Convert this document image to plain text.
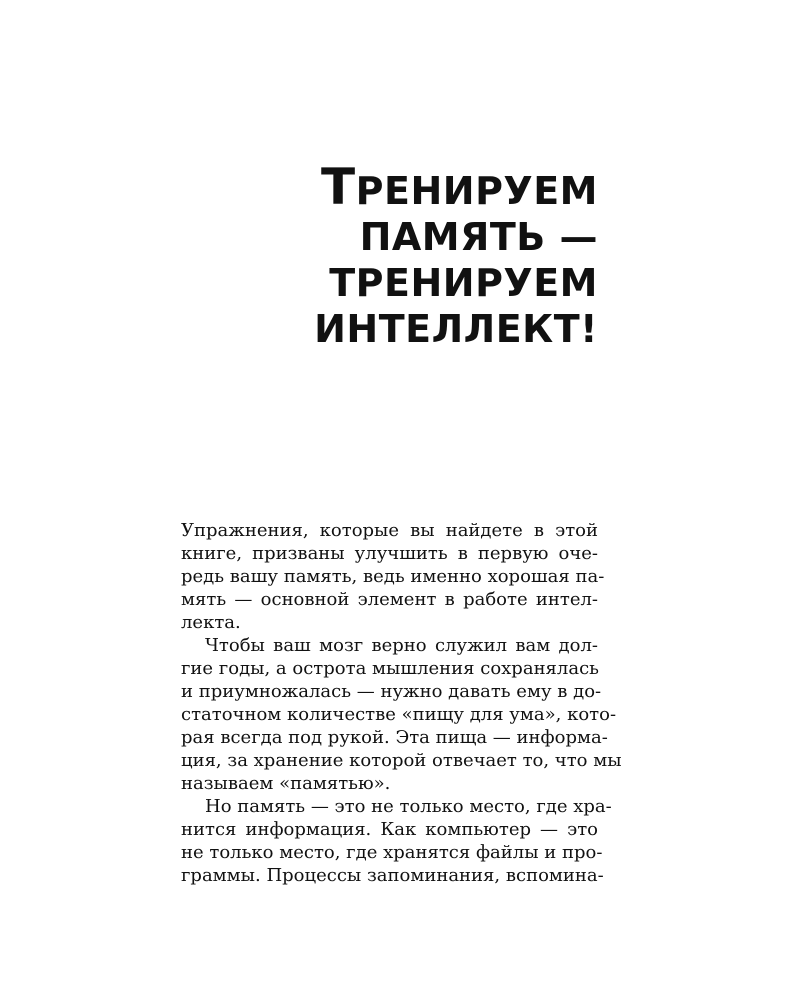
ТРЕНИРУЕМ
ПАМЯТЬ —
ТРЕНИРУЕМ
ИНТЕЛЛЕКТ!
Упражнения, которые вы найдете в этой
книге, призваны улучшить в первую оче-
редь вашу память, ведь именно хорошая па-
мять — основной элемент в работе интел-
лекта.
Чтобы ваш мозг верно служил вам дол-
гие годы, а острота мышления сохранялась
и приумножалась — нужно давать ему в до-
статочном количестве «пищу для ума», кото-
рая всегда под рукой. Эта пища — информа-
ция, за хранение которой отвечает то, что мы
называем «памятью».
Но память — это не только место, где хра-
нится информация. Как компьютер — это
не только место, где хранятся файлы и про-
граммы. Процессы запоминания, вспомина-
